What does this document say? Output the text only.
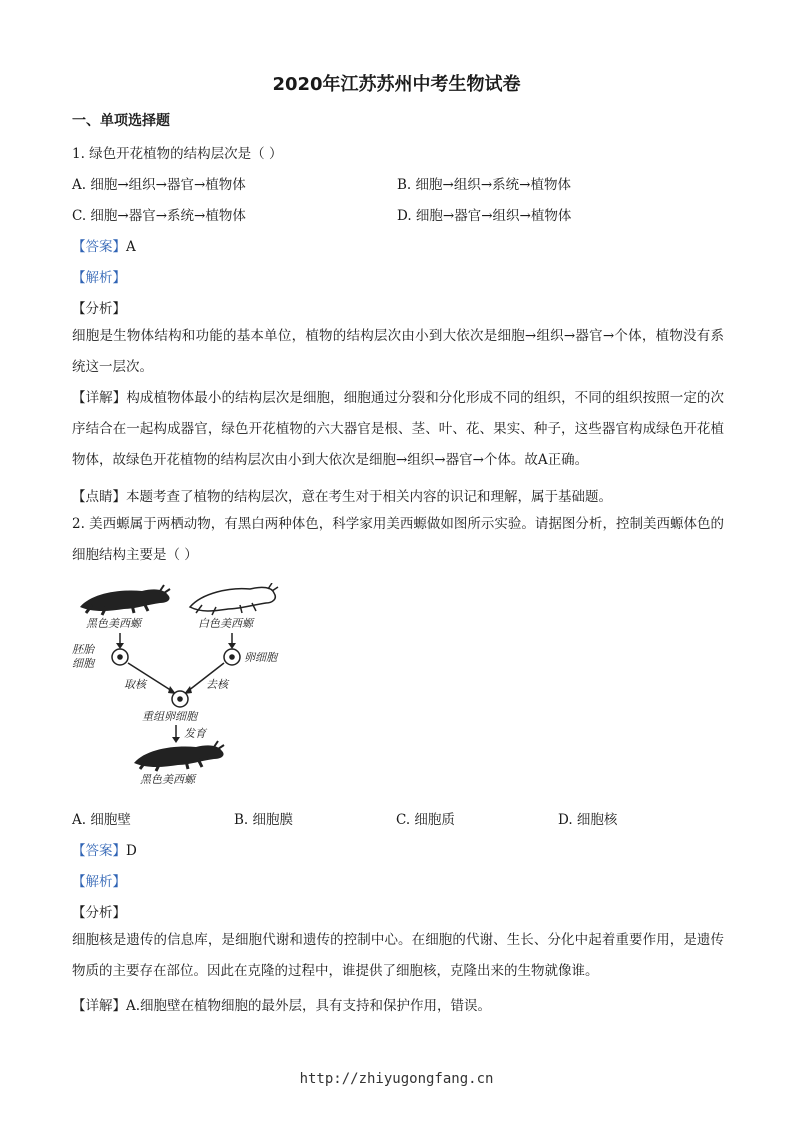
2020年江苏苏州中考生物试卷
一、单项选择题
1. 绿色开花植物的结构层次是（ ）
A. 细胞→组织→器官→植物体	B. 细胞→组织→系统→植物体
C. 细胞→器官→系统→植物体	D. 细胞→器官→组织→植物体
【答案】A
【解析】
【分析】
细胞是生物体结构和功能的基本单位，植物的结构层次由小到大依次是细胞→组织→器官→个体，植物没有系统这一层次。
【详解】构成植物体最小的结构层次是细胞，细胞通过分裂和分化形成不同的组织，不同的组织按照一定的次序结合在一起构成器官，绿色开花植物的六大器官是根、茎、叶、花、果实、种子，这些器官构成绿色开花植物体，故绿色开花植物的结构层次由小到大依次是细胞→组织→器官→个体。故A正确。
【点睛】本题考查了植物的结构层次，意在考生对于相关内容的识记和理解，属于基础题。
2. 美西螈属于两栖动物，有黑白两种体色，科学家用美西螈做如图所示实验。请据图分析，控制美西螈体色的细胞结构主要是（ ）
黑色美西螈	白色美西螈
胚胎
细胞	卵细胞
取核	去核
重组卵细胞
发育
黑色美西螈
A. 细胞壁	B. 细胞膜	C. 细胞质	D. 细胞核
【答案】D
【解析】
【分析】
细胞核是遗传的信息库，是细胞代谢和遗传的控制中心。在细胞的代谢、生长、分化中起着重要作用，是遗传物质的主要存在部位。因此在克隆的过程中，谁提供了细胞核，克隆出来的生物就像谁。
【详解】A.细胞壁在植物细胞的最外层，具有支持和保护作用，错误。
http://zhiyugongfang.cn
